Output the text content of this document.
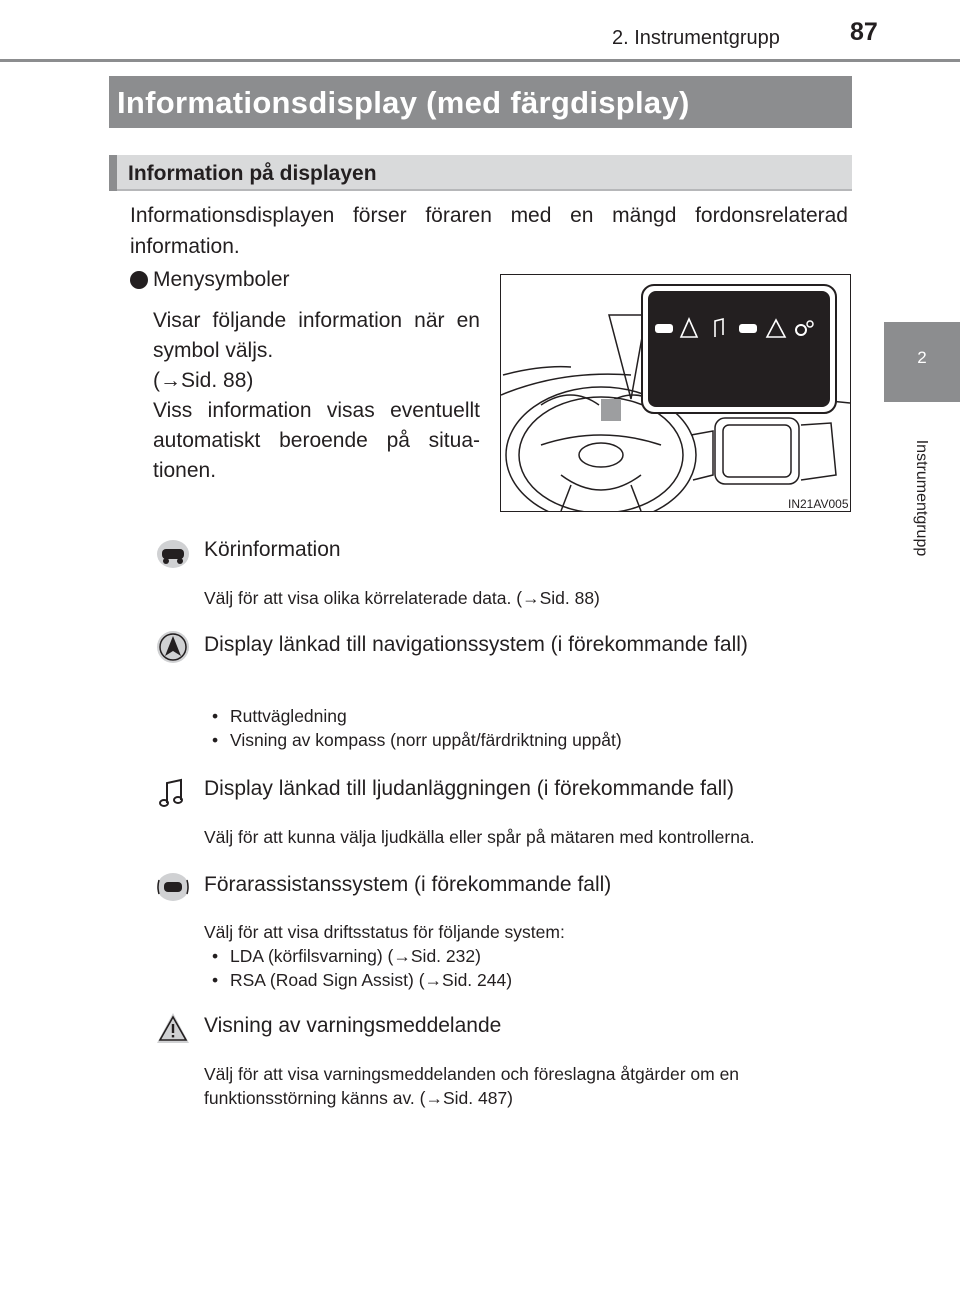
2. Instrumentgrupp	87
2
Instrumentgrupp
Informationsdisplay (med färgdisplay)
Information på displayen
Informationsdisplayen förser föraren med en mängd fordonsrelaterad information.
Menysymboler
Visar följande information när en symbol väljs.
(→Sid. 88)
Viss information visas eventuellt automatiskt beroende på situa-tionen.
IN21AV005
Körinformation
Välj för att visa olika körrelaterade data. (→Sid. 88)
Display länkad till navigationssystem (i förekommande fall)
• Ruttvägledning
• Visning av kompass (norr uppåt/färdriktning uppåt)
Display länkad till ljudanläggningen (i förekommande fall)
Välj för att kunna välja ljudkälla eller spår på mätaren med kontrollerna.
Förarassistanssystem (i förekommande fall)
Välj för att visa driftsstatus för följande system:
• LDA (körfilsvarning) (→Sid. 232)
• RSA (Road Sign Assist) (→Sid. 244)
Visning av varningsmeddelande
Välj för att visa varningsmeddelanden och föreslagna åtgärder om en
funktionsstörning känns av. (→Sid. 487)
